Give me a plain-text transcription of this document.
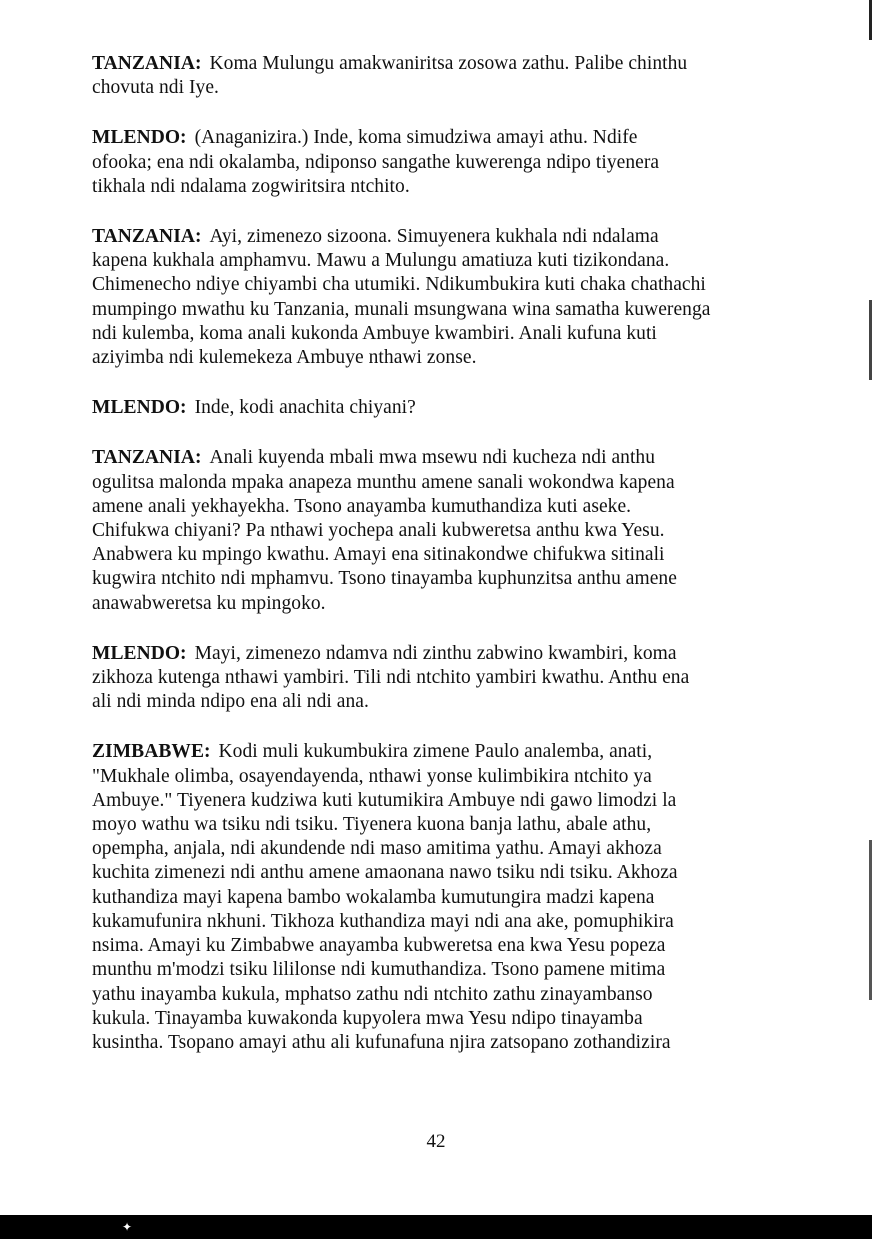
TANZANIA: Koma Mulungu amakwaniritsa zosowa zathu. Palibe chinthu
chovuta ndi Iye.

MLENDO: (Anaganizira.) Inde, koma simudziwa amayi athu. Ndife
ofooka; ena ndi okalamba, ndiponso sangathe kuwerenga ndipo tiyenera
tikhala ndi ndalama zogwiritsira ntchito.

TANZANIA: Ayi, zimenezo sizoona. Simuyenera kukhala ndi ndalama
kapena kukhala amphamvu. Mawu a Mulungu amatiuza kuti tizikondana.
Chimenecho ndiye chiyambi cha utumiki. Ndikumbukira kuti chaka chathachi
mumpingo mwathu ku Tanzania, munali msungwana wina samatha kuwerenga
ndi kulemba, koma anali kukonda Ambuye kwambiri. Anali kufuna kuti
aziyimba ndi kulemekeza Ambuye nthawi zonse.

MLENDO: Inde, kodi anachita chiyani?

TANZANIA: Anali kuyenda mbali mwa msewu ndi kucheza ndi anthu
ogulitsa malonda mpaka anapeza munthu amene sanali wokondwa kapena
amene anali yekhayekha. Tsono anayamba kumuthandiza kuti aseke.
Chifukwa chiyani? Pa nthawi yochepa anali kubweretsa anthu kwa Yesu.
Anabwera ku mpingo kwathu. Amayi ena sitinakondwe chifukwa sitinali
kugwira ntchito ndi mphamvu. Tsono tinayamba kuphunzitsa anthu amene
anawabweretsa ku mpingoko.

MLENDO: Mayi, zimenezo ndamva ndi zinthu zabwino kwambiri, koma
zikhoza kutenga nthawi yambiri. Tili ndi ntchito yambiri kwathu. Anthu ena
ali ndi minda ndipo ena ali ndi ana.

ZIMBABWE: Kodi muli kukumbukira zimene Paulo analemba, anati,
"Mukhale olimba, osayendayenda, nthawi yonse kulimbikira ntchito ya
Ambuye." Tiyenera kudziwa kuti kutumikira Ambuye ndi gawo limodzi la
moyo wathu wa tsiku ndi tsiku. Tiyenera kuona banja lathu, abale athu,
opempha, anjala, ndi akundende ndi maso amitima yathu. Amayi akhoza
kuchita zimenezi ndi anthu amene amaonana nawo tsiku ndi tsiku. Akhoza
kuthandiza mayi kapena bambo wokalamba kumutungira madzi kapena
kukamufunira nkhuni. Tikhoza kuthandiza mayi ndi ana ake, pomuphikira
nsima. Amayi ku Zimbabwe anayamba kubweretsa ena kwa Yesu popeza
munthu m'modzi tsiku lililonse ndi kumuthandiza. Tsono pamene mitima
yathu inayamba kukula, mphatso zathu ndi ntchito zathu zinayambanso
kukula. Tinayamba kuwakonda kupyolera mwa Yesu ndipo tinayamba
kusintha. Tsopano amayi athu ali kufunafuna njira zatsopano zothandizira

42
✦
